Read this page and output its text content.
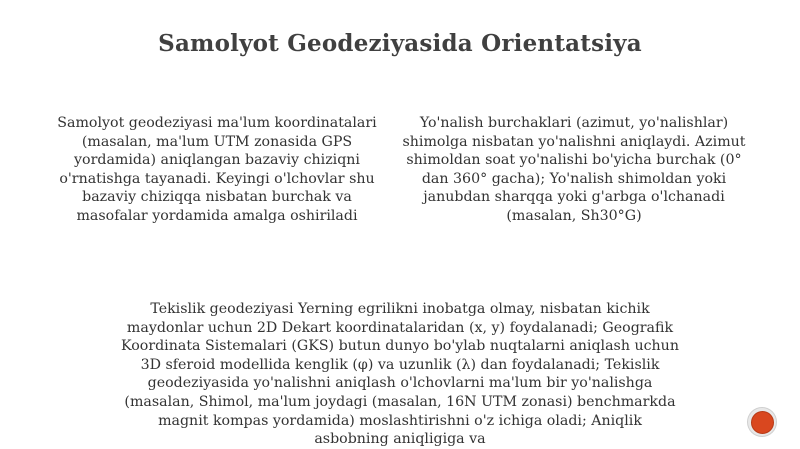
Samolyot Geodeziyasida Orientatsiya
Samolyot geodeziyasi ma'lum koordinatalari (masalan, ma'lum UTM zonasida GPS yordamida) aniqlangan bazaviy chiziqni o'rnatishga tayanadi. Keyingi o'lchovlar shu bazaviy chiziqqa nisbatan burchak va masofalar yordamida amalga oshiriladi
Yo'nalish burchaklari (azimut, yo'nalishlar) shimolga nisbatan yo'nalishni aniqlaydi. Azimut shimoldan soat yo'nalishi bo'yicha burchak (0° dan 360° gacha); Yo'nalish shimoldan yoki janubdan sharqqa yoki g'arbga o'lchanadi (masalan, Sh30°G)
Tekislik geodeziyasi Yerning egriliknі inobatga olmay, nisbatan kichik maydonlar uchun 2D Dekart koordinatalaridan (x, y) foydalanadi; Geografik Koordinata Sistemalari (GKS) butun dunyo bo'ylab nuqtalarni aniqlash uchun 3D sferoid modellida kenglik (φ) va uzunlik (λ) dan foydalanadi; Tekislik geodeziyasida yo'nalishni aniqlash o'lchovlarni ma'lum bir yo'nalishga (masalan, Shimol, ma'lum joydagi (masalan, 16N UTM zonasi) benchmarkda magnit kompas yordamida) moslashtirishni o'z ichiga oladi; Aniqlik asbobning aniqligiga va
